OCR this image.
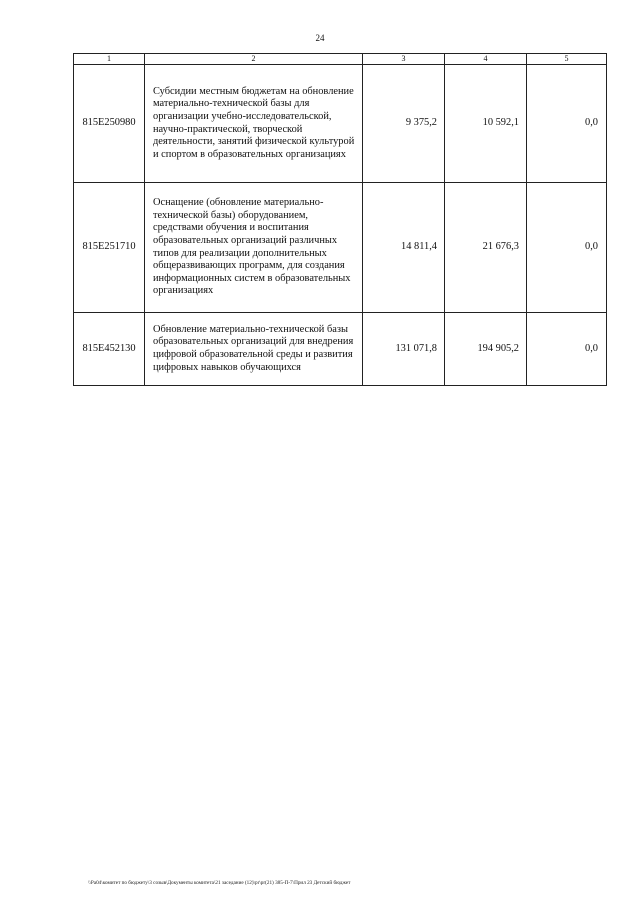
24
1	2	3	4	5
815E250980	Субсидии местным бюджетам на обновление материально-технической базы для организации учебно-исследовательской, научно-практической, творческой деятельности, занятий физической культурой и спортом в образовательных организациях	9 375,2	10 592,1	0,0
815E251710	Оснащение (обновление материально-технической базы) оборудованием, средствами обучения и воспитания образовательных организаций различных типов для реализации дополнительных общеразвивающих программ, для создания информационных систем в образовательных организациях	14 811,4	21 676,3	0,0
815E452130	Обновление материально-технической базы образовательных организаций для внедрения цифровой образовательной среды и развития цифровых навыков обучающихся	131 071,8	194 905,2	0,0
\\Pa04\комитет по бюджету\3 созыв\Документы комитета\21 заседание (12)\pr\pr(21) 385-П-7\Прил 23 Детский бюджет
